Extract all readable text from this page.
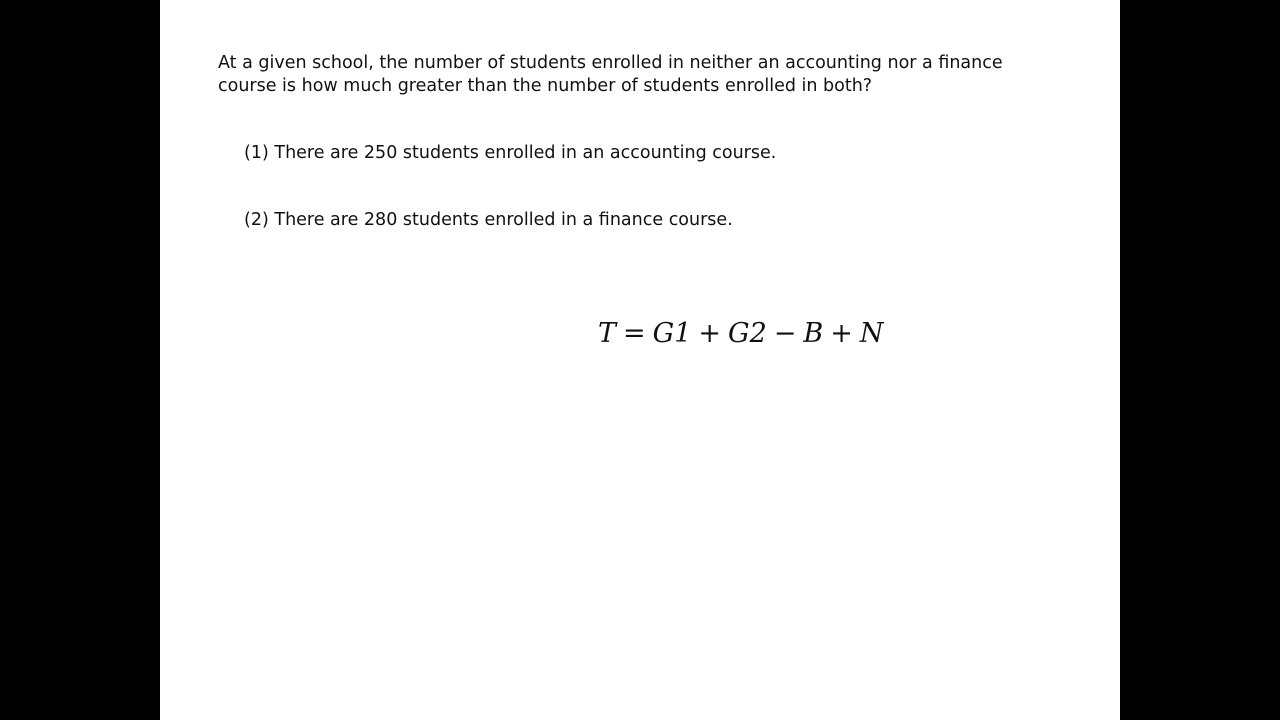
At a given school, the number of students enrolled in neither an accounting nor a finance course is how much greater than the number of students enrolled in both?

(1) There are 250 students enrolled in an accounting course.

(2) There are 280 students enrolled in a finance course.

T = G1 + G2 − B + N
